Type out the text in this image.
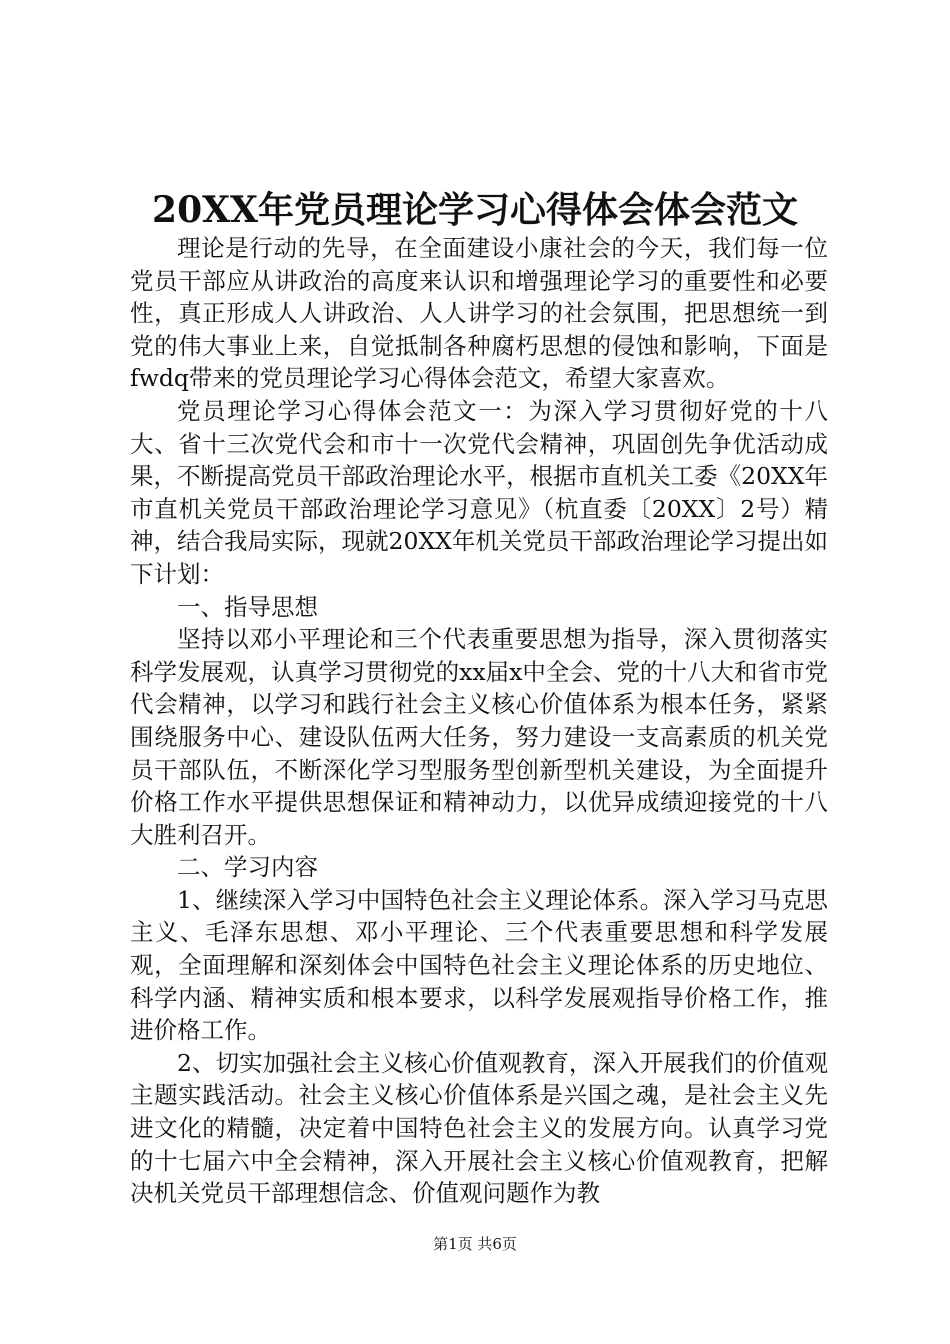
20XX年党员理论学习心得体会体会范文

理论是行动的先导，在全面建设小康社会的今天，我们每一位党员干部应从讲政治的高度来认识和增强理论学习的重要性和必要性，真正形成人人讲政治、人人讲学习的社会氛围，把思想统一到党的伟大事业上来，自觉抵制各种腐朽思想的侵蚀和影响，下面是fwdq带来的党员理论学习心得体会范文，希望大家喜欢。

党员理论学习心得体会范文一：为深入学习贯彻好党的十八大、省十三次党代会和市十一次党代会精神，巩固创先争优活动成果，不断提高党员干部政治理论水平，根据市直机关工委《20XX年市直机关党员干部政治理论学习意见》（杭直委〔20XX〕2号）精神，结合我局实际，现就20XX年机关党员干部政治理论学习提出如下计划：

一、指导思想

坚持以邓小平理论和三个代表重要思想为指导，深入贯彻落实科学发展观，认真学习贯彻党的xx届x中全会、党的十八大和省市党代会精神，以学习和践行社会主义核心价值体系为根本任务，紧紧围绕服务中心、建设队伍两大任务，努力建设一支高素质的机关党员干部队伍，不断深化学习型服务型创新型机关建设，为全面提升价格工作水平提供思想保证和精神动力，以优异成绩迎接党的十八大胜利召开。

二、学习内容

1、继续深入学习中国特色社会主义理论体系。深入学习马克思主义、毛泽东思想、邓小平理论、三个代表重要思想和科学发展观，全面理解和深刻体会中国特色社会主义理论体系的历史地位、科学内涵、精神实质和根本要求，以科学发展观指导价格工作，推进价格工作。

2、切实加强社会主义核心价值观教育，深入开展我们的价值观主题实践活动。社会主义核心价值体系是兴国之魂，是社会主义先进文化的精髓，决定着中国特色社会主义的发展方向。认真学习党的十七届六中全会精神，深入开展社会主义核心价值观教育，把解决机关党员干部理想信念、价值观问题作为教

第1页 共6页
